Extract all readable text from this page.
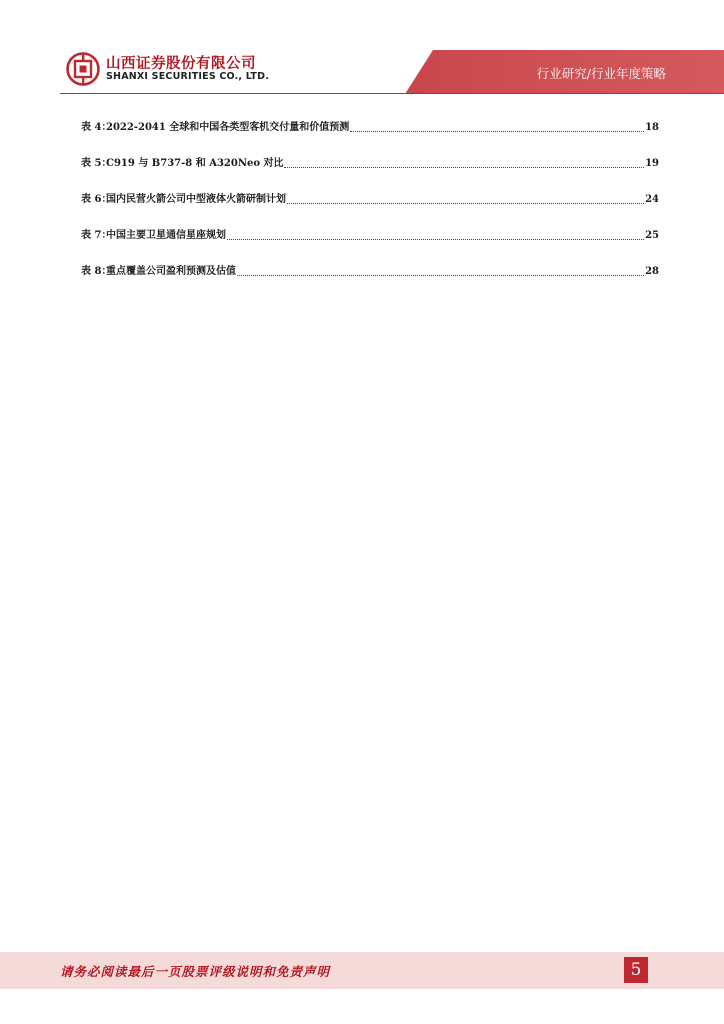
山西证券股份有限公司
SHANXI SECURITIES CO., LTD.	行业研究/行业年度策略
表 4：
2022-2041 全球和中国各类型客机交付量和价值预测	18
表 5：
C919 与 B737-8 和 A320Neo 对比	19
表 6：
国内民营火箭公司中型液体火箭研制计划	24
表 7：
中国主要卫星通信星座规划	25
表 8：
重点覆盖公司盈利预测及估值	28
请务必阅读最后一页股票评级说明和免责声明	5
